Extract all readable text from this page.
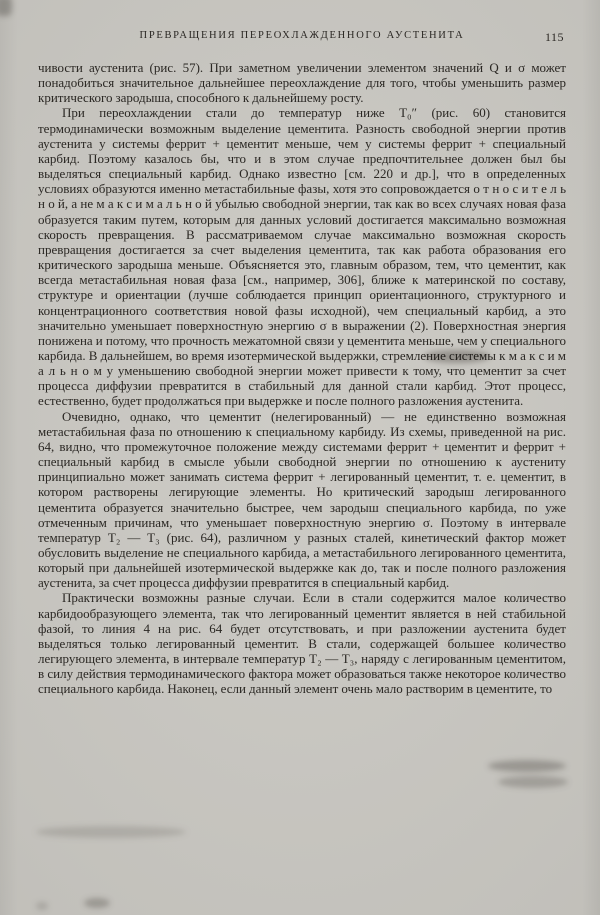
ПРЕВРАЩЕНИЯ ПЕРЕОХЛАЖДЕННОГО АУСТЕНИТА	115

чивости аустенита (рис. 57). При заметном увеличении элементом значений Q и σ может понадобиться значительное дальнейшее переохлаждение для того, чтобы уменьшить размер критического зародыша, способного к дальнейшему росту.

При переохлаждении стали до температур ниже T₀″ (рис. 60) становится термодинамически возможным выделение цементита. Разность свободной энергии против аустенита у системы феррит + цементит меньше, чем у системы феррит + специальный карбид. Поэтому казалось бы, что и в этом случае предпочтительнее должен был бы выделяться специальный карбид. Однако известно [см. 220 и др.], что в определенных условиях образуются именно метастабильные фазы, хотя это сопровождается о т н о с и т е л ь н о й, а не м а к с и м а л ь н о й убылью свободной энергии, так как во всех случаях новая фаза образуется таким путем, которым для данных условий достигается максимально возможная скорость превращения. В рассматриваемом случае максимально возможная скорость превращения достигается за счет выделения цементита, так как работа образования его критического зародыша меньше. Объясняется это, главным образом, тем, что цементит, как всегда метастабильная новая фаза [см., например, 306], ближе к материнской по составу, структуре и ориентации (лучше соблюдается принцип ориентационного, структурного и концентрационного соответствия новой фазы исходной), чем специальный карбид, а это значительно уменьшает поверхностную энергию σ в выражении (2). Поверхностная энергия понижена и потому, что прочность межатомной связи у цементита меньше, чем у специального карбида. В дальнейшем, во время изотермической выдержки, стремление системы к м а к с и м а л ь н о м у уменьшению свободной энергии может привести к тому, что цементит за счет процесса диффузии превратится в стабильный для данной стали карбид. Этот процесс, естественно, будет продолжаться при выдержке и после полного разложения аустенита.

Очевидно, однако, что цементит (нелегированный) — не единственно возможная метастабильная фаза по отношению к специальному карбиду. Из схемы, приведенной на рис. 64, видно, что промежуточное положение между системами феррит + цементит и феррит + специальный карбид в смысле убыли свободной энергии по отношению к аустениту принципиально может занимать система феррит + легированный цементит, т. е. цементит, в котором растворены легирующие элементы. Но критический зародыш легированного цементита образуется значительно быстрее, чем зародыш специального карбида, по уже отмеченным причинам, что уменьшает поверхностную энергию σ. Поэтому в интервале температур T₂ — T₃ (рис. 64), различном у разных сталей, кинетический фактор может обусловить выделение не специального карбида, а метастабильного легированного цементита, который при дальнейшей изотермической выдержке как до, так и после полного разложения аустенита, за счет процесса диффузии превратится в специальный карбид.

Практически возможны разные случаи. Если в стали содержится малое количество карбидообразующего элемента, так что легированный цементит является в ней стабильной фазой, то линия 4 на рис. 64 будет отсутствовать, и при разложении аустенита будет выделяться только легированный цементит. В стали, содержащей большее количество легирующего элемента, в интервале температур T₂ — T₃, наряду с легированным цементитом, в силу действия термодинамического фактора может образоваться также некоторое количество специального карбида. Наконец, если данный элемент очень мало растворим в цементите, то
